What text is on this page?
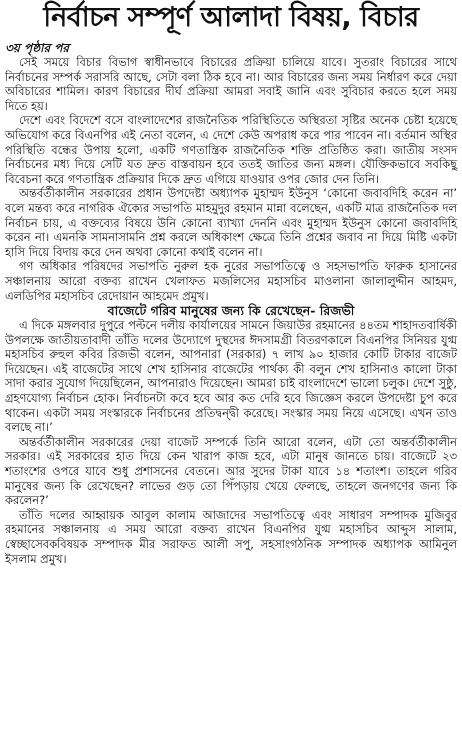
নির্বাচন সম্পূর্ণ আলাদা বিষয়, বিচার
৩য় পৃষ্ঠার পর

সেই সময়ে বিচার বিভাগ স্বাধীনভাবে বিচারের প্রক্রিয়া চালিয়ে যাবে। সুতরাং বিচারের সাথে নির্বাচনের সম্পর্ক সরাসরি আছে, সেটা বলা ঠিক হবে না। আর বিচারের জন্য সময় নির্ধারণ করে দেয়া অবিচারের শামিল। কারণ বিচারের দীর্ঘ প্রক্রিয়া আমরা সবাই জানি এবং সুবিচার করতে হলে সময় দিতে হয়।

দেশে এবং বিদেশে বসে বাংলাদেশের রাজনৈতিক পরিস্থিতিতে অস্থিরতা সৃষ্টির অনেক চেষ্টা হয়েছে অভিযোগ করে বিএনপির এই নেতা বলেন, এ দেশে কেউ অপরাধ করে পার পাবেন না। বর্তমান অস্থির পরিস্থিতি বন্ধের উপায় হলো, একটি গণতান্ত্রিক রাজনৈতিক শক্তি প্রতিষ্ঠিত করা। জাতীয় সংসদ নির্বাচনের মধ্য দিয়ে সেটি যত দ্রুত বাস্তবায়ন হবে ততই জাতির জন্য মঙ্গল। যৌক্তিকভাবে সবকিছু বিবেচনা করে গণতান্ত্রিক প্রক্রিয়ার দিকে দ্রুত এগিয়ে যাওয়ার ওপর জোর দেন তিনি।

অন্তর্বর্তীকালীন সরকারের প্রধান উপদেষ্টা অধ্যাপক মুহাম্মদ ইউনুস ‘কোনো জবাবদিহি করেন না’ বলে মন্তব্য করে নাগরিক ঐক্যের সভাপতি মাহমুদুর রহমান মান্না বলেছেন, একটি মাত্র রাজনৈতিক দল নির্বাচন চায়, এ বক্তব্যের বিষয়ে উনি কোনো ব্যাখ্যা দেননি এবং মুহাম্মদ ইউনুস কোনো জবাবদিহি করেন না। এমনকি সামনাসামনি প্রশ্ন করলে অধিকাংশ ক্ষেত্রে তিনি প্রশ্নের জবাব না দিয়ে মিষ্টি একটা হাসি দিয়ে বিদায় করে দেন অথবা কোনো কথাই বলেন না।

গণ অধিকার পরিষদের সভাপতি নুরুল হক নুরের সভাপতিত্বে ও সহসভাপতি ফারুক হাসানের সঞ্চালনায় আরো বক্তব্য রাখেন খেলাফত মজলিসের মহাসচিব মাওলানা জালালুদ্দীন আহমদ, এলডিপির মহাসচিব রেদোয়ান আহমেদ প্রমুখ।

বাজেটে গরিব মানুষের জন্য কি রেখেছেন- রিজভী

এ দিকে মঙ্গলবার দুপুরে পল্টনে দলীয় কার্যালয়ের সামনে জিয়াউর রহমানের ৪৪তম শাহাদতবার্ষিকী উপলক্ষে জাতীয়তাবাদী তাঁতি দলের উদ্যোগে দুস্থদের ঈদসামগ্রী বিতরণকালে বিএনপির সিনিয়র যুগ্ম মহাসচিব রুহুল কবির রিজভী বলেন, আপনারা (সরকার) ৭ লাখ ৯০ হাজার কোটি টাকার বাজেট দিয়েছেন। এই বাজেটের সাথে শেখ হাসিনার বাজেটের পার্থক্য কী বলুন শেখ হাসিনাও কালো টাকা সাদা করার সুযোগ দিয়েছিলেন, আপনারাও দিয়েছেন। আমরা চাই বাংলাদেশে ভালো চলুক। দেশে সুষ্ঠু, গ্রহণযোগ্য নির্বাচন হোক। নির্বাচনটা কবে হবে আর কত দেরি হবে জিজ্ঞেস করলে উপদেষ্টা চুপ করে থাকেন। একটা সময় সংস্কারকে নির্বাচনের প্রতিদ্বন্দ্বী করেছে। সংস্কার সময় নিয়ে এসেছে। এখন তাও বলছে না।’

অন্তর্বর্তীকালীন সরকারের দেয়া বাজেট সম্পর্কে তিনি আরো বলেন, এটা তো অন্তর্বর্তীকালীন সরকার। এই সরকারের হাত দিয়ে কেন খারাপ কাজ হবে, এটা মানুষ জানতে চায়। বাজেটে ২৩ শতাংশের ওপরে যাবে শুধু প্রশাসনের বেতনে। আর সুদের টাকা যাবে ১৪ শতাংশ। তাহলে গরিব মানুষের জন্য কি রেখেছেন? লাভের গুড় তো পিঁপড়ায় খেয়ে ফেলছে, তাহলে জনগণের জন্য কি করলেন?’

তাঁতি দলের আহ্বায়ক আবুল কালাম আজাদের সভাপতিত্বে এবং সাধারণ সম্পাদক মুজিবুর রহমানের সঞ্চালনায় এ সময় আরো বক্তব্য রাখেন বিএনপির যুগ্ম মহাসচিব আব্দুস সালাম, স্বেচ্ছাসেবকবিষয়ক সম্পাদক মীর সরাফত আলী সপু, সহসাংগঠনিক সম্পাদক অধ্যাপক আমিনুল ইসলাম প্রমুখ।
